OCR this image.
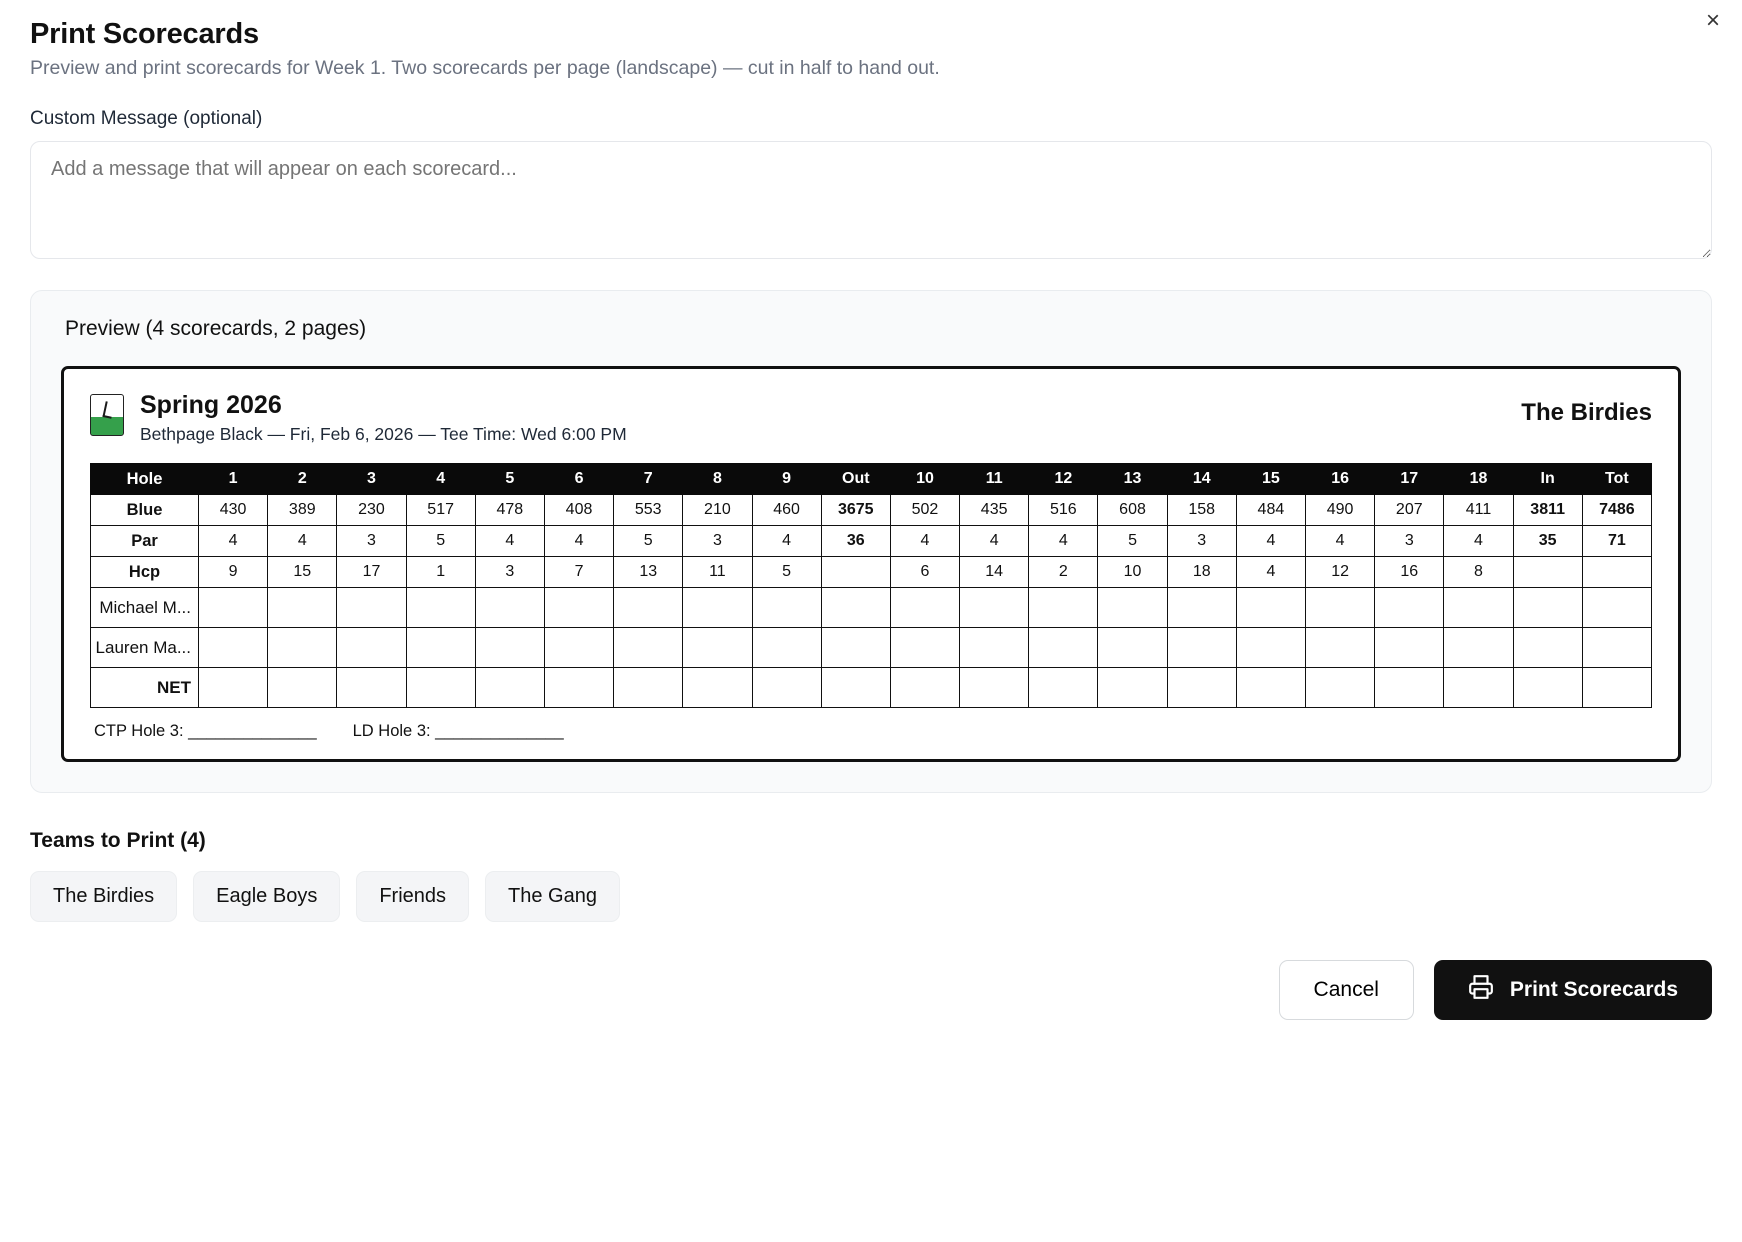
×
Print Scorecards

Preview and print scorecards for Week 1. Two scorecards per page (landscape) — cut in half to hand out.

Custom Message (optional)
Add a message that will appear on each scorecard...
Preview (4 scorecards, 2 pages)
Spring 2026
Bethpage Black — Fri, Feb 6, 2026 — Tee Time: Wed 6:00 PM
The Birdies
Hole	1	2	3	4	5	6	7	8	9	Out	10	11	12	13	14	15	16	17	18	In	Tot
Blue	430	389	230	517	478	408	553	210	460	3675	502	435	516	608	158	484	490	207	411	3811	7486
Par	4	4	3	5	4	4	5	3	4	36	4	4	4	5	3	4	4	3	4	35	71
Hcp	9	15	17	1	3	7	13	11	5		6	14	2	10	18	4	12	16	8		
Michael M...																					
Lauren Ma...																					
NET																					
CTP Hole 3: ______________ LD Hole 3: ______________
Teams to Print (4)
The Birdies	Eagle Boys	Friends	The Gang
Cancel	Print Scorecards
